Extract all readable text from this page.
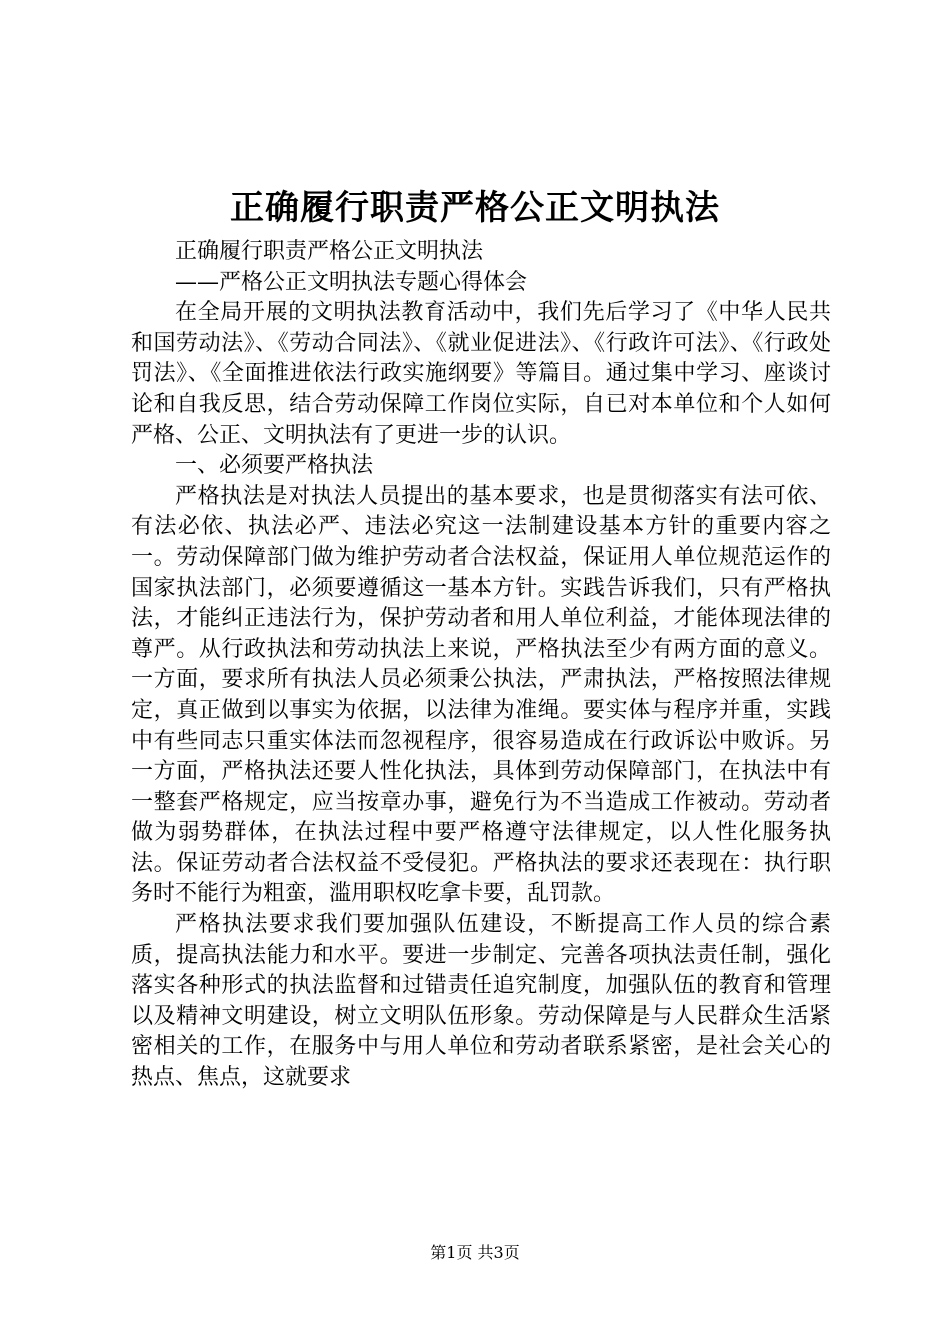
正确履行职责严格公正文明执法

正确履行职责严格公正文明执法

——严格公正文明执法专题心得体会

在全局开展的文明执法教育活动中，我们先后学习了《中华人民共和国劳动法》、《劳动合同法》、《就业促进法》、《行政许可法》、《行政处罚法》、《全面推进依法行政实施纲要》等篇目。通过集中学习、座谈讨论和自我反思，结合劳动保障工作岗位实际，自已对本单位和个人如何严格、公正、文明执法有了更进一步的认识。

一、必须要严格执法

严格执法是对执法人员提出的基本要求，也是贯彻落实有法可依、有法必依、执法必严、违法必究这一法制建设基本方针的重要内容之一。劳动保障部门做为维护劳动者合法权益，保证用人单位规范运作的国家执法部门，必须要遵循这一基本方针。实践告诉我们，只有严格执法，才能纠正违法行为，保护劳动者和用人单位利益，才能体现法律的尊严。从行政执法和劳动执法上来说，严格执法至少有两方面的意义。一方面，要求所有执法人员必须秉公执法，严肃执法，严格按照法律规定，真正做到以事实为依据，以法律为准绳。要实体与程序并重，实践中有些同志只重实体法而忽视程序，很容易造成在行政诉讼中败诉。另一方面，严格执法还要人性化执法，具体到劳动保障部门，在执法中有一整套严格规定，应当按章办事，避免行为不当造成工作被动。劳动者做为弱势群体，在执法过程中要严格遵守法律规定，以人性化服务执法。保证劳动者合法权益不受侵犯。严格执法的要求还表现在：执行职务时不能行为粗蛮，滥用职权吃拿卡要，乱罚款。

严格执法要求我们要加强队伍建设，不断提高工作人员的综合素质，提高执法能力和水平。要进一步制定、完善各项执法责任制，强化落实各种形式的执法监督和过错责任追究制度，加强队伍的教育和管理以及精神文明建设，树立文明队伍形象。劳动保障是与人民群众生活紧密相关的工作，在服务中与用人单位和劳动者联系紧密，是社会关心的热点、焦点，这就要求

第1页 共3页
